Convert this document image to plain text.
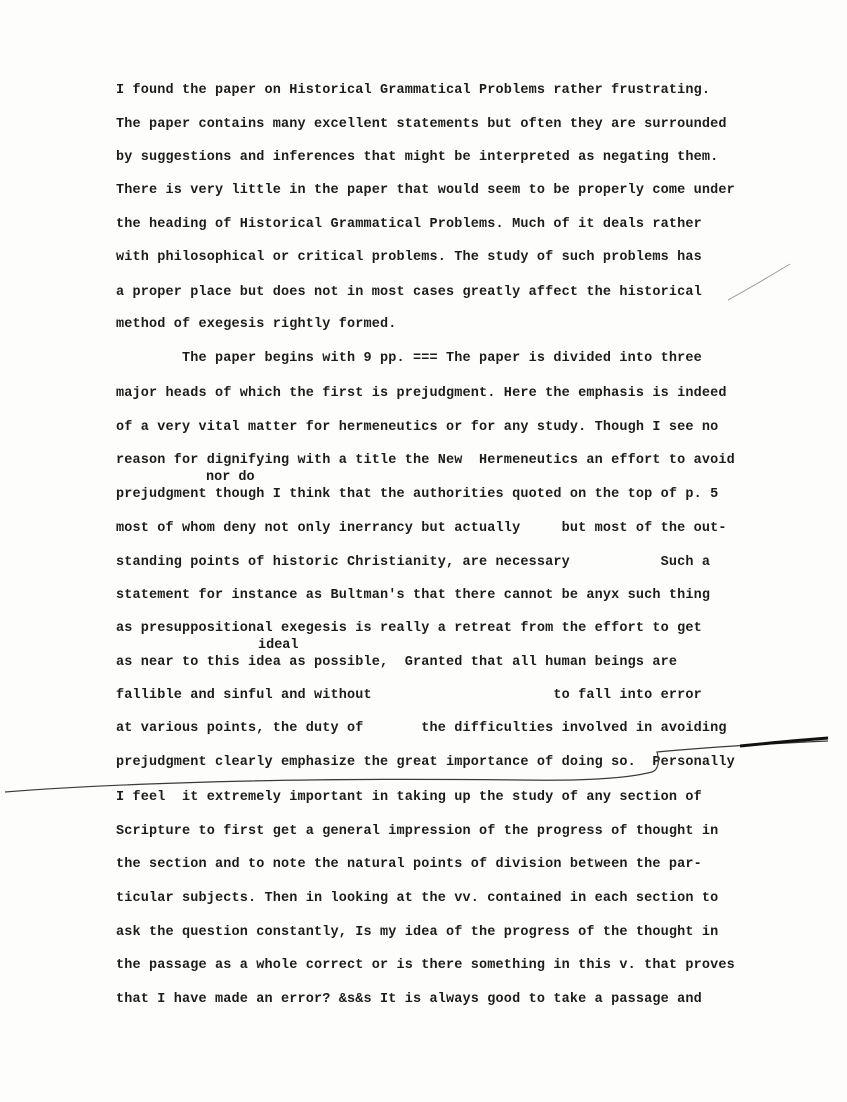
I found the paper on Historical Grammatical Problems rather frustrating.
The paper contains many excellent statements but often they are surrounded
by suggestions and inferences that might be interpreted as negating them.
There is very little in the paper that would seem to be properly come under
the heading of Historical Grammatical Problems. Much of it deals rather
with philosophical or critical problems. The study of such problems has
a proper place but does not in most cases greatly affect the historical
method of exegesis rightly formed.
The paper begins with 9 pp. === The paper is divided into three
major heads of which the first is prejudgment. Here the emphasis is indeed
of a very vital matter for hermeneutics or for any study. Though I see no
reason for dignifying with a title the New  Hermeneutics an effort to avoid
nor do
prejudgment though I think that the authorities quoted on the top of p. 5
most of whom deny not only inerrancy but actually     but most of the out-
standing points of historic Christianity, are necessary           Such a
statement for instance as Bultman's that there cannot be anyx such thing
as presuppositional exegesis is really a retreat from the effort to get
ideal
as near to this idea as possible,  Granted that all human beings are
fallible and sinful and without                      to fall into error
at various points, the duty of       the difficulties involved in avoiding
prejudgment clearly emphasize the great importance of doing so.  Personally
I feel  it extremely important in taking up the study of any section of
Scripture to first get a general impression of the progress of thought in
the section and to note the natural points of division between the par-
ticular subjects. Then in looking at the vv. contained in each section to
ask the question constantly, Is my idea of the progress of the thought in
the passage as a whole correct or is there something in this v. that proves
that I have made an error? &s&s It is always good to take a passage and
